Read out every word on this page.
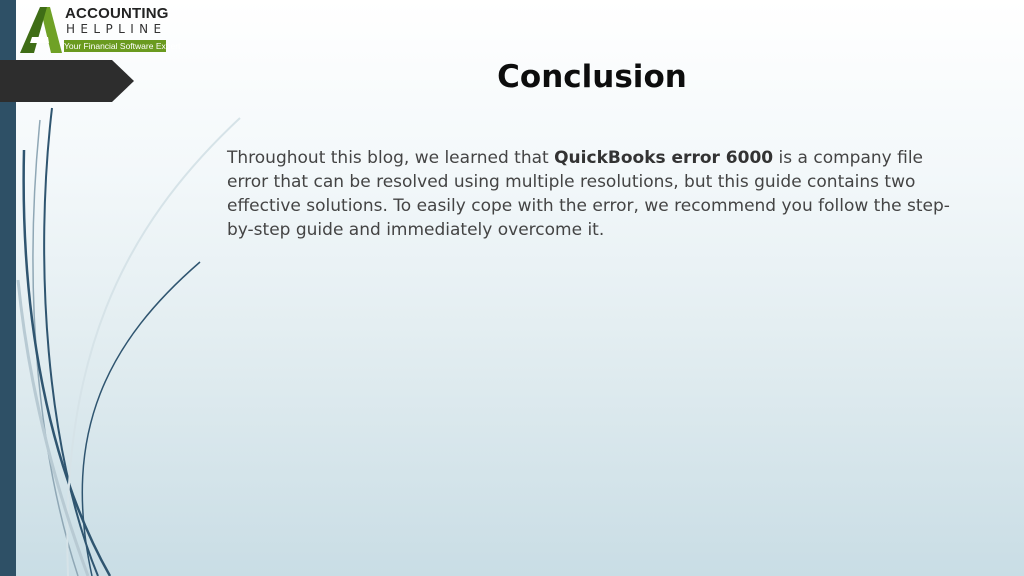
ACCOUNTING
HELPLINE
Your Financial Software Expert
Conclusion

Throughout this blog, we learned that QuickBooks error 6000 is a company file error that can be resolved using multiple resolutions, but this guide contains two effective solutions. To easily cope with the error, we recommend you follow the step-by-step guide and immediately overcome it.
